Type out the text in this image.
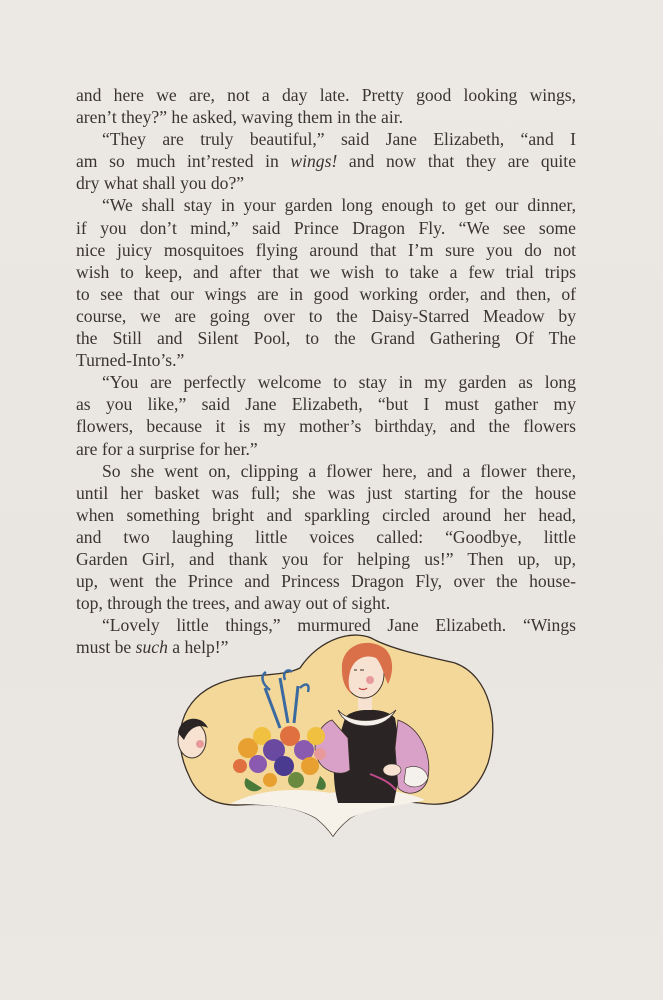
and here we are, not a day late. Pretty good looking wings,
aren’t they?” he asked, waving them in the air.
“They are truly beautiful,” said Jane Elizabeth, “and I
am so much int’rested in wings! and now that they are quite
dry what shall you do?”
“We shall stay in your garden long enough to get our dinner,
if you don’t mind,” said Prince Dragon Fly. “We see some
nice juicy mosquitoes flying around that I’m sure you do not
wish to keep, and after that we wish to take a few trial trips
to see that our wings are in good working order, and then, of
course, we are going over to the Daisy-Starred Meadow by
the Still and Silent Pool, to the Grand Gathering Of The
Turned-Into’s.”
“You are perfectly welcome to stay in my garden as long
as you like,” said Jane Elizabeth, “but I must gather my
flowers, because it is my mother’s birthday, and the flowers
are for a surprise for her.”
So she went on, clipping a flower here, and a flower there,
until her basket was full; she was just starting for the house
when something bright and sparkling circled around her head,
and two laughing little voices called: “Goodbye, little
Garden Girl, and thank you for helping us!” Then up, up,
up, went the Prince and Princess Dragon Fly, over the house-
top, through the trees, and away out of sight.
“Lovely little things,” murmured Jane Elizabeth. “Wings
must be such a help!”
